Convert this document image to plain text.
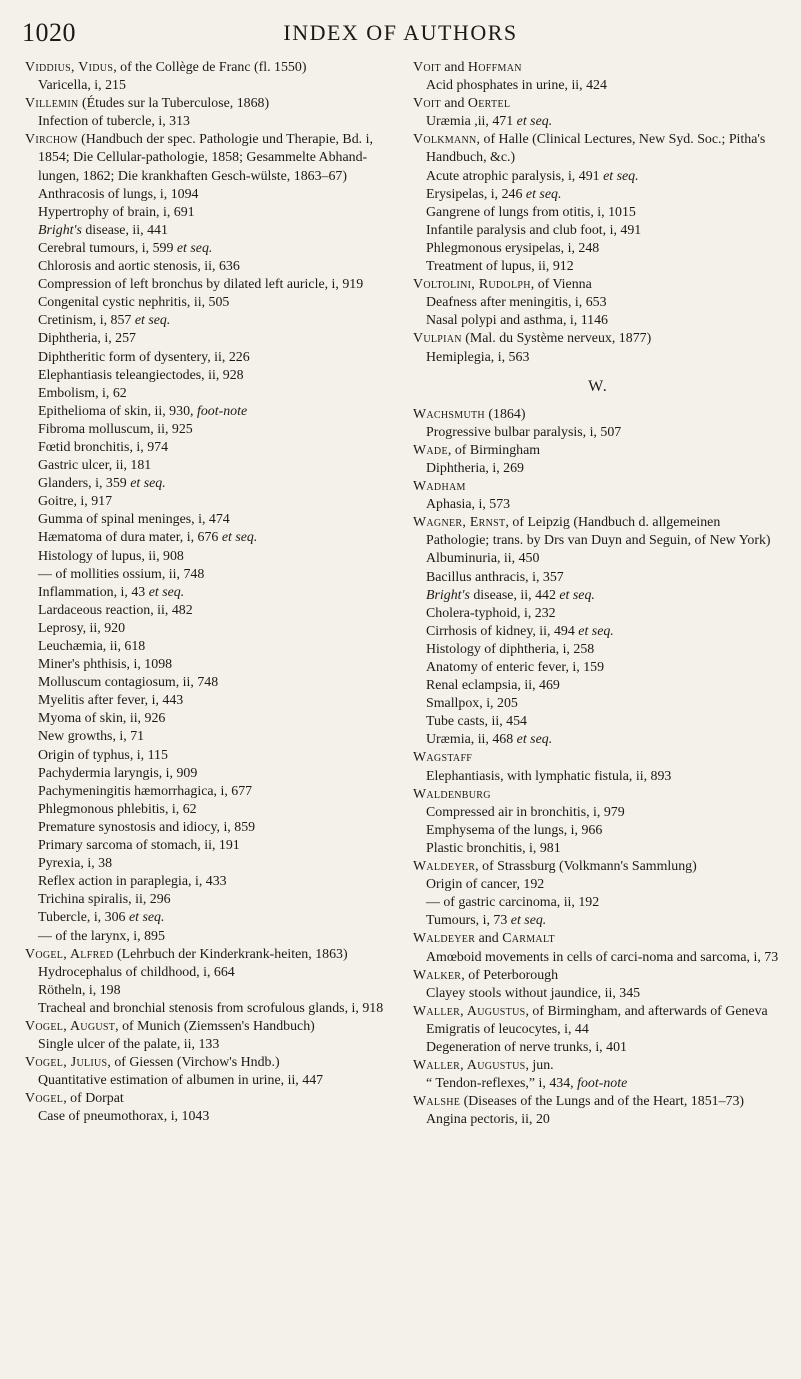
1020	INDEX OF AUTHORS

Viddius, Vidus, of the Collège de Franc (fl. 1550)

Varicella, i, 215

Villemin (Études sur la Tuberculose, 1868)

Infection of tubercle, i, 313

Virchow (Handbuch der spec. Pathologie und Therapie, Bd. i, 1854; Die Cellular-pathologie, 1858; Gesammelte Abhand-lungen, 1862; Die krankhaften Gesch-wülste, 1863–67)

Anthracosis of lungs, i, 1094

Hypertrophy of brain, i, 691

Bright's disease, ii, 441

Cerebral tumours, i, 599 et seq.

Chlorosis and aortic stenosis, ii, 636

Compression of left bronchus by dilated left auricle, i, 919

Congenital cystic nephritis, ii, 505

Cretinism, i, 857 et seq.

Diphtheria, i, 257

Diphtheritic form of dysentery, ii, 226

Elephantiasis teleangiectodes, ii, 928

Embolism, i, 62

Epithelioma of skin, ii, 930, foot-note

Fibroma molluscum, ii, 925

Fœtid bronchitis, i, 974

Gastric ulcer, ii, 181

Glanders, i, 359 et seq.

Goitre, i, 917

Gumma of spinal meninges, i, 474

Hæmatoma of dura mater, i, 676 et seq.

Histology of lupus, ii, 908

— of mollities ossium, ii, 748

Inflammation, i, 43 et seq.

Lardaceous reaction, ii, 482

Leprosy, ii, 920

Leuchæmia, ii, 618

Miner's phthisis, i, 1098

Molluscum contagiosum, ii, 748

Myelitis after fever, i, 443

Myoma of skin, ii, 926

New growths, i, 71

Origin of typhus, i, 115

Pachydermia laryngis, i, 909

Pachymeningitis hæmorrhagica, i, 677

Phlegmonous phlebitis, i, 62

Premature synostosis and idiocy, i, 859

Primary sarcoma of stomach, ii, 191

Pyrexia, i, 38

Reflex action in paraplegia, i, 433

Trichina spiralis, ii, 296

Tubercle, i, 306 et seq.

— of the larynx, i, 895

Vogel, Alfred (Lehrbuch der Kinderkrank-heiten, 1863)

Hydrocephalus of childhood, i, 664

Rötheln, i, 198

Tracheal and bronchial stenosis from scrofulous glands, i, 918

Vogel, August, of Munich (Ziemssen's Handbuch)

Single ulcer of the palate, ii, 133

Vogel, Julius, of Giessen (Virchow's Hndb.)

Quantitative estimation of albumen in urine, ii, 447

Vogel, of Dorpat

Case of pneumothorax, i, 1043

Voit and Hoffman

Acid phosphates in urine, ii, 424

Voit and Oertel

Uræmia ,ii, 471 et seq.

Volkmann, of Halle (Clinical Lectures, New Syd. Soc.; Pitha's Handbuch, &c.)

Acute atrophic paralysis, i, 491 et seq.

Erysipelas, i, 246 et seq.

Gangrene of lungs from otitis, i, 1015

Infantile paralysis and club foot, i, 491

Phlegmonous erysipelas, i, 248

Treatment of lupus, ii, 912

Voltolini, Rudolph, of Vienna

Deafness after meningitis, i, 653

Nasal polypi and asthma, i, 1146

Vulpian (Mal. du Système nerveux, 1877)

Hemiplegia, i, 563

W.

Wachsmuth (1864)

Progressive bulbar paralysis, i, 507

Wade, of Birmingham

Diphtheria, i, 269

Wadham

Aphasia, i, 573

Wagner, Ernst, of Leipzig (Handbuch d. allgemeinen Pathologie; trans. by Drs van Duyn and Seguin, of New York)

Albuminuria, ii, 450

Bacillus anthracis, i, 357

Bright's disease, ii, 442 et seq.

Cholera-typhoid, i, 232

Cirrhosis of kidney, ii, 494 et seq.

Histology of diphtheria, i, 258

Anatomy of enteric fever, i, 159

Renal eclampsia, ii, 469

Smallpox, i, 205

Tube casts, ii, 454

Uræmia, ii, 468 et seq.

Wagstaff

Elephantiasis, with lymphatic fistula, ii, 893

Waldenburg

Compressed air in bronchitis, i, 979

Emphysema of the lungs, i, 966

Plastic bronchitis, i, 981

Waldeyer, of Strassburg (Volkmann's Sammlung)

Origin of cancer, 192

— of gastric carcinoma, ii, 192

Tumours, i, 73 et seq.

Waldeyer and Carmalt

Amœboid movements in cells of carci-noma and sarcoma, i, 73

Walker, of Peterborough

Clayey stools without jaundice, ii, 345

Waller, Augustus, of Birmingham, and afterwards of Geneva

Emigratis of leucocytes, i, 44

Degeneration of nerve trunks, i, 401

Waller, Augustus, jun.

“ Tendon-reflexes,” i, 434, foot-note

Walshe (Diseases of the Lungs and of the Heart, 1851–73)

Angina pectoris, ii, 20
